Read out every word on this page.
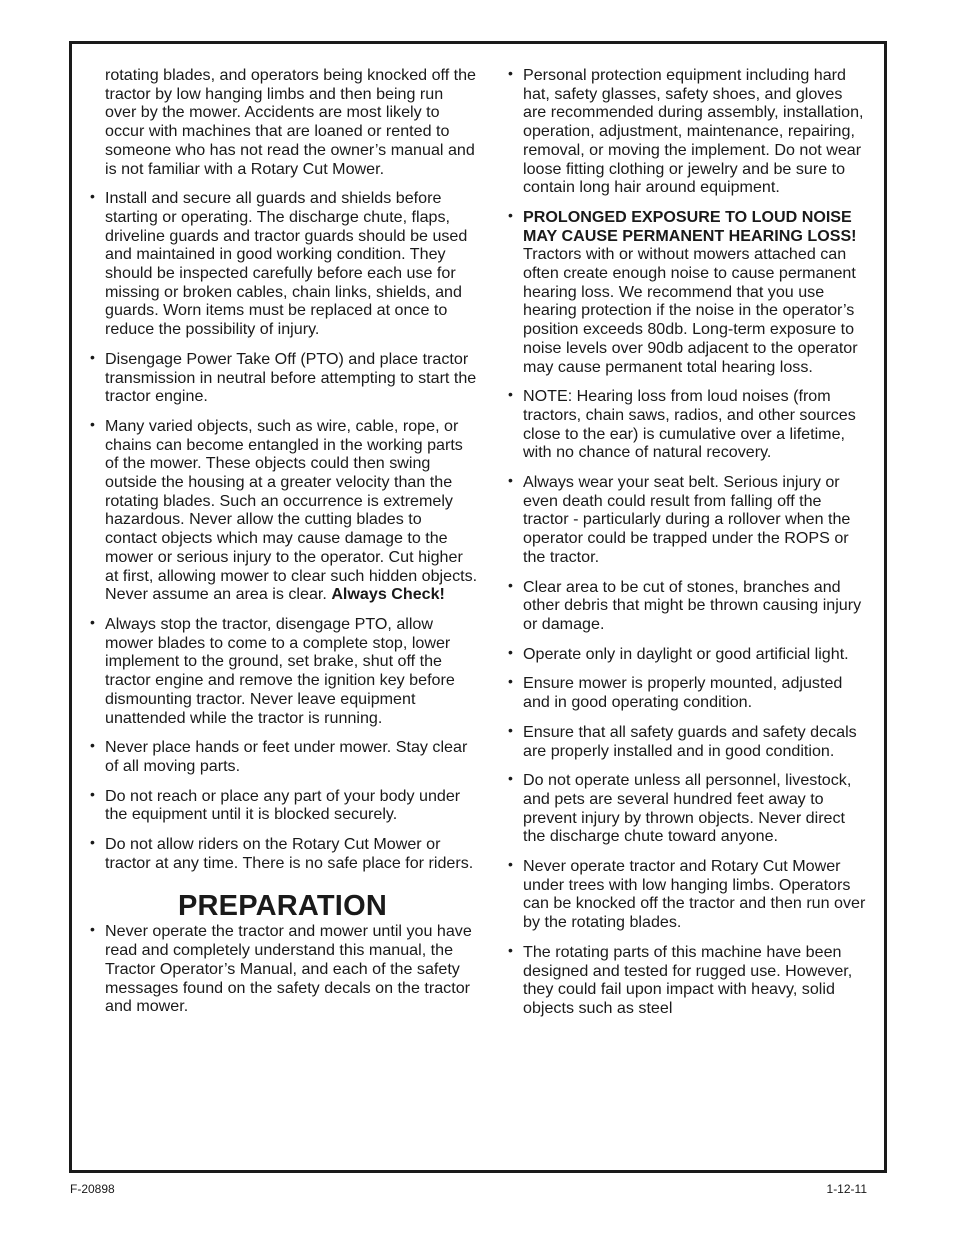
rotating blades, and operators being knocked off the tractor by low hanging limbs and then being run over by the mower. Accidents are most likely to occur with machines that are loaned or rented to someone who has not read the owner’s manual and is not familiar with a Rotary Cut Mower.

• Install and secure all guards and shields before starting or operating. The discharge chute, flaps, driveline guards and tractor guards should be used and maintained in good working condition. They should be inspected carefully before each use for missing or broken cables, chain links, shields, and guards. Worn items must be replaced at once to reduce the possibility of injury.
• Disengage Power Take Off (PTO) and place tractor transmission in neutral before attempting to start the tractor engine.
• Many varied objects, such as wire, cable, rope, or chains can become entangled in the working parts of the mower. These objects could then swing outside the housing at a greater velocity than the rotating blades. Such an occurrence is extremely hazardous. Never allow the cutting blades to contact objects which may cause damage to the mower or serious injury to the operator. Cut higher at first, allowing mower to clear such hidden objects. Never assume an area is clear. Always Check!
• Always stop the tractor, disengage PTO, allow mower blades to come to a complete stop, lower implement to the ground, set brake, shut off the tractor engine and remove the ignition key before dismounting tractor. Never leave equipment unattended while the tractor is running.
• Never place hands or feet under mower. Stay clear of all moving parts.
• Do not reach or place any part of your body under the equipment until it is blocked securely.
• Do not allow riders on the Rotary Cut Mower or tractor at any time. There is no safe place for riders.
PREPARATION
• Never operate the tractor and mower until you have read and completely understand this manual, the Tractor Operator’s Manual, and each of the safety messages found on the safety decals on the tractor and mower.
• Personal protection equipment including hard hat, safety glasses, safety shoes, and gloves are recommended during assembly, installation, operation, adjustment, maintenance, repairing, removal, or moving the implement. Do not wear loose fitting clothing or jewelry and be sure to contain long hair around equipment.
• PROLONGED EXPOSURE TO LOUD NOISE MAY CAUSE PERMANENT HEARING LOSS! Tractors with or without mowers attached can often create enough noise to cause permanent hearing loss. We recommend that you use hearing protection if the noise in the operator’s position exceeds 80db. Long-term exposure to noise levels over 90db adjacent to the operator may cause permanent total hearing loss.
• NOTE: Hearing loss from loud noises (from tractors, chain saws, radios, and other sources close to the ear) is cumulative over a lifetime, with no chance of natural recovery.
• Always wear your seat belt. Serious injury or even death could result from falling off the tractor - particularly during a rollover when the operator could be trapped under the ROPS or the tractor.
• Clear area to be cut of stones, branches and other debris that might be thrown causing injury or damage.
• Operate only in daylight or good artificial light.
• Ensure mower is properly mounted, adjusted and in good operating condition.
• Ensure that all safety guards and safety decals are properly installed and in good condition.
• Do not operate unless all personnel, livestock, and pets are several hundred feet away to prevent injury by thrown objects. Never direct the discharge chute toward anyone.
• Never operate tractor and Rotary Cut Mower under trees with low hanging limbs. Operators can be knocked off the tractor and then run over by the rotating blades.
• The rotating parts of this machine have been designed and tested for rugged use. However, they could fail upon impact with heavy, solid objects such as steel
F-20898	1-12-11
